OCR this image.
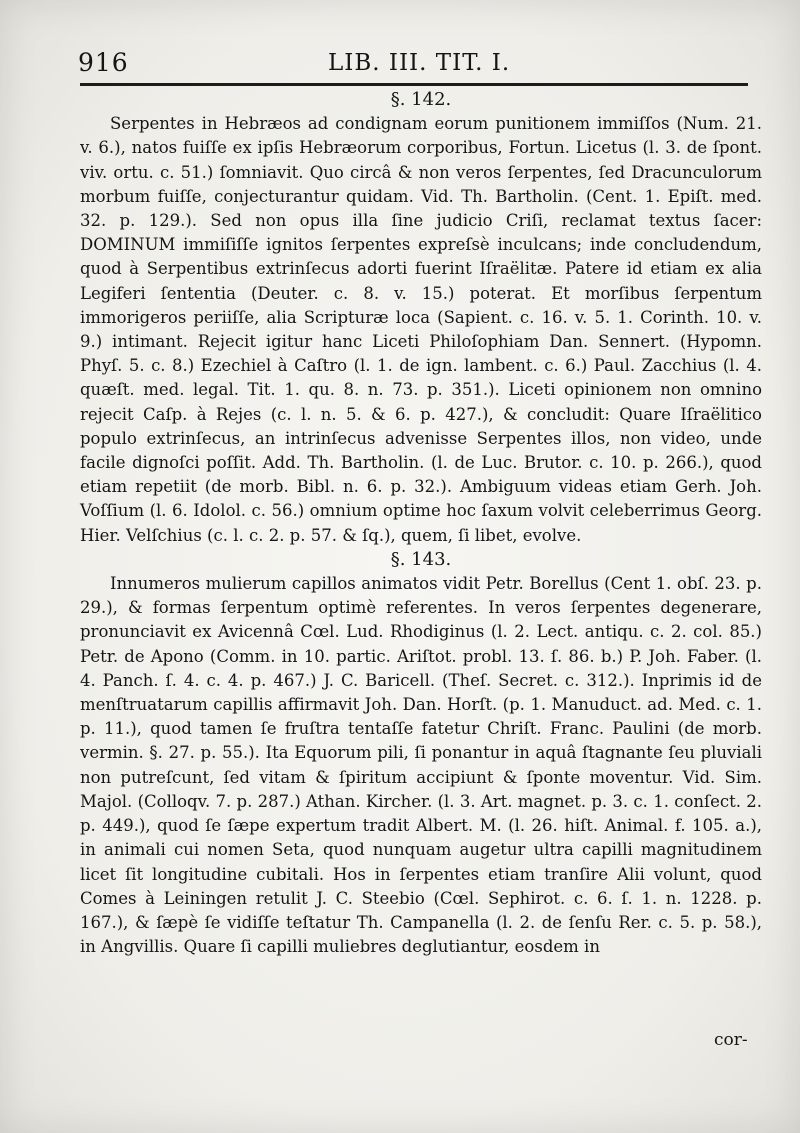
916	LIB. III. TIT. I.

§. 142.

Serpentes in Hebræos ad condignam eorum punitionem immiſſos (Num. 21. v. 6.), natos fuiſſe ex ipſis Hebræorum corporibus, Fortun. Licetus (l. 3. de ſpont. viv. ortu. c. 51.) ſomniavit. Quo circâ & non veros ſerpentes, ſed Dracunculorum morbum fuiſſe, conjecturantur quidam. Vid. Th. Bartholin. (Cent. 1. Epiſt. med. 32. p. 129.). Sed non opus illa ſine judicio Criſi, reclamat textus ſacer: DOMINUM immiſiſſe ignitos ſerpentes expreſsè inculcans; inde concludendum, quod à Serpentibus extrinſecus adorti fuerint Iſraëlitæ. Patere id etiam ex alia Legiferi ſententia (Deuter. c. 8. v. 15.) poterat. Et morſibus ſerpentum immorigeros periiſſe, alia Scripturæ loca (Sapient. c. 16. v. 5. 1. Corinth. 10. v. 9.) intimant. Rejecit igitur hanc Liceti Philoſophiam Dan. Sennert. (Hypomn. Phyſ. 5. c. 8.) Ezechiel à Caſtro (l. 1. de ign. lambent. c. 6.) Paul. Zacchius (l. 4. quæſt. med. legal. Tit. 1. qu. 8. n. 73. p. 351.). Liceti opinionem non omnino rejecit Caſp. à Rejes (c. l. n. 5. & 6. p. 427.), & concludit: Quare Iſraëlitico populo extrinſecus, an intrinſecus advenisse Serpentes illos, non video, unde facile dignoſci poſſit. Add. Th. Bartholin. (l. de Luc. Brutor. c. 10. p. 266.), quod etiam repetiit (de morb. Bibl. n. 6. p. 32.). Ambiguum videas etiam Gerh. Joh. Voſſium (l. 6. Idolol. c. 56.) omnium optime hoc ſaxum volvit celeberrimus Georg. Hier. Velſchius (c. l. c. 2. p. 57. & ſq.), quem, ſi libet, evolve.

§. 143.

Innumeros mulierum capillos animatos vidit Petr. Borellus (Cent 1. obſ. 23. p. 29.), & formas ſerpentum optimè referentes. In veros ſerpentes degenerare, pronunciavit ex Avicennâ Cœl. Lud. Rhodiginus (l. 2. Lect. antiqu. c. 2. col. 85.) Petr. de Apono (Comm. in 10. partic. Ariſtot. probl. 13. ſ. 86. b.) P. Joh. Faber. (l. 4. Panch. ſ. 4. c. 4. p. 467.) J. C. Baricell. (Theſ. Secret. c. 312.). Inprimis id de menſtruatarum capillis affirmavit Joh. Dan. Horſt. (p. 1. Manuduct. ad. Med. c. 1. p. 11.), quod tamen ſe fruſtra tentaſſe fatetur Chriſt. Franc. Paulini (de morb. vermin. §. 27. p. 55.). Ita Equorum pili, ſi ponantur in aquâ ſtagnante ſeu pluviali non putreſcunt, ſed vitam & ſpiritum accipiunt & ſponte moventur. Vid. Sim. Majol. (Colloqv. 7. p. 287.) Athan. Kircher. (l. 3. Art. magnet. p. 3. c. 1. conſect. 2. p. 449.), quod ſe ſæpe expertum tradit Albert. M. (l. 26. hiſt. Animal. f. 105. a.), in animali cui nomen Seta, quod nunquam augetur ultra capilli magnitudinem licet ſit longitudine cubitali. Hos in ſerpentes etiam tranſire Alii volunt, quod Comes à Leiningen retulit J. C. Steebio (Cœl. Sephirot. c. 6. ſ. 1. n. 1228. p. 167.), & ſæpè ſe vidiſſe teſtatur Th. Campanella (l. 2. de ſenſu Rer. c. 5. p. 58.), in Angvillis. Quare ſi capilli muliebres deglutiantur, eosdem in

cor-
